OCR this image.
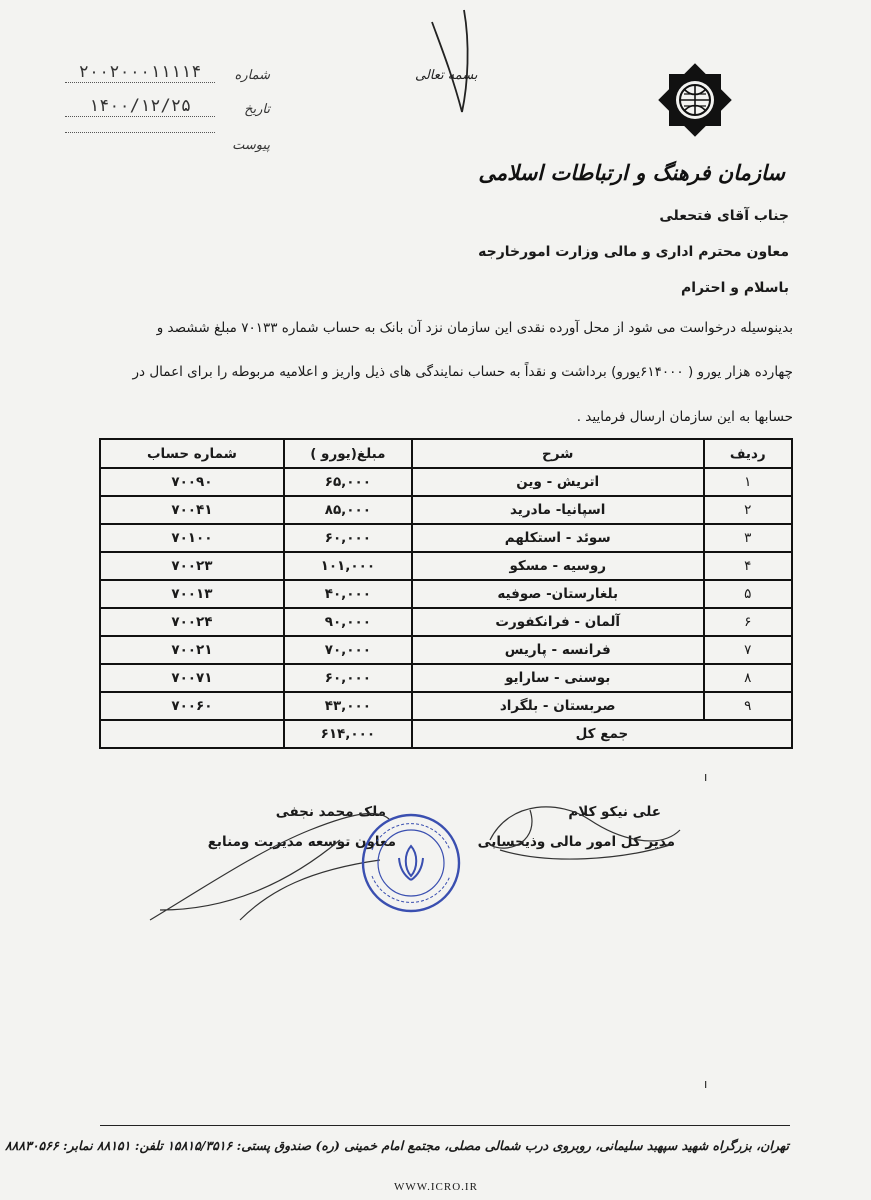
شماره
۲۰۰۲۰۰۰۱۱۱۱۴
تاریخ
۱۴۰۰/۱۲/۲۵
پیوست
بسمه تعالی
سازمان فرهنگ و ارتباطات اسلامی
جناب آقای فتحعلی
معاون محترم اداری و مالی وزارت امورخارجه
باسلام و احترام
بدینوسیله درخواست می شود از محل آورده نقدی این سازمان نزد آن بانک به حساب شماره ۷۰۱۳۳ مبلغ ششصد و
چهارده هزار یورو ( ۶۱۴۰۰۰یورو) برداشت و نقداً به حساب نمایندگی های ذیل واریز و اعلامیه مربوطه را برای اعمال در
حسابها به این سازمان ارسال فرمایید .
ردیف	شرح	مبلغ(یورو )	شماره حساب
۱	اتریش - وین	۶۵,۰۰۰	۷۰۰۹۰
۲	اسپانیا- مادرید	۸۵,۰۰۰	۷۰۰۴۱
۳	سوئد - استکلهم	۶۰,۰۰۰	۷۰۱۰۰
۴	روسیه - مسکو	۱۰۱,۰۰۰	۷۰۰۲۳
۵	بلغارستان- صوفیه	۴۰,۰۰۰	۷۰۰۱۳
۶	آلمان - فرانکفورت	۹۰,۰۰۰	۷۰۰۲۴
۷	فرانسه - پاریس	۷۰,۰۰۰	۷۰۰۲۱
۸	بوسنی - سارایو	۶۰,۰۰۰	۷۰۰۷۱
۹	صربستان - بلگراد	۴۳,۰۰۰	۷۰۰۶۰
جمع کل		۶۱۴,۰۰۰	
ı
علی نیکو کلام
مدیر کل امور مالی وذیحسابی
ملک محمد نجفی
معاون توسعه مدیریت ومنابع
ı
تهران، بزرگراه شهید سپهبد سلیمانی، روبروی درب شمالی مصلی، مجتمع امام خمینی (ره) صندوق پستی: ۱۵۸۱۵/۳۵۱۶ تلفن: ۸۸۱۵۱ نمابر: ۸۸۸۳۰۵۶۶
WWW.ICRO.IR
